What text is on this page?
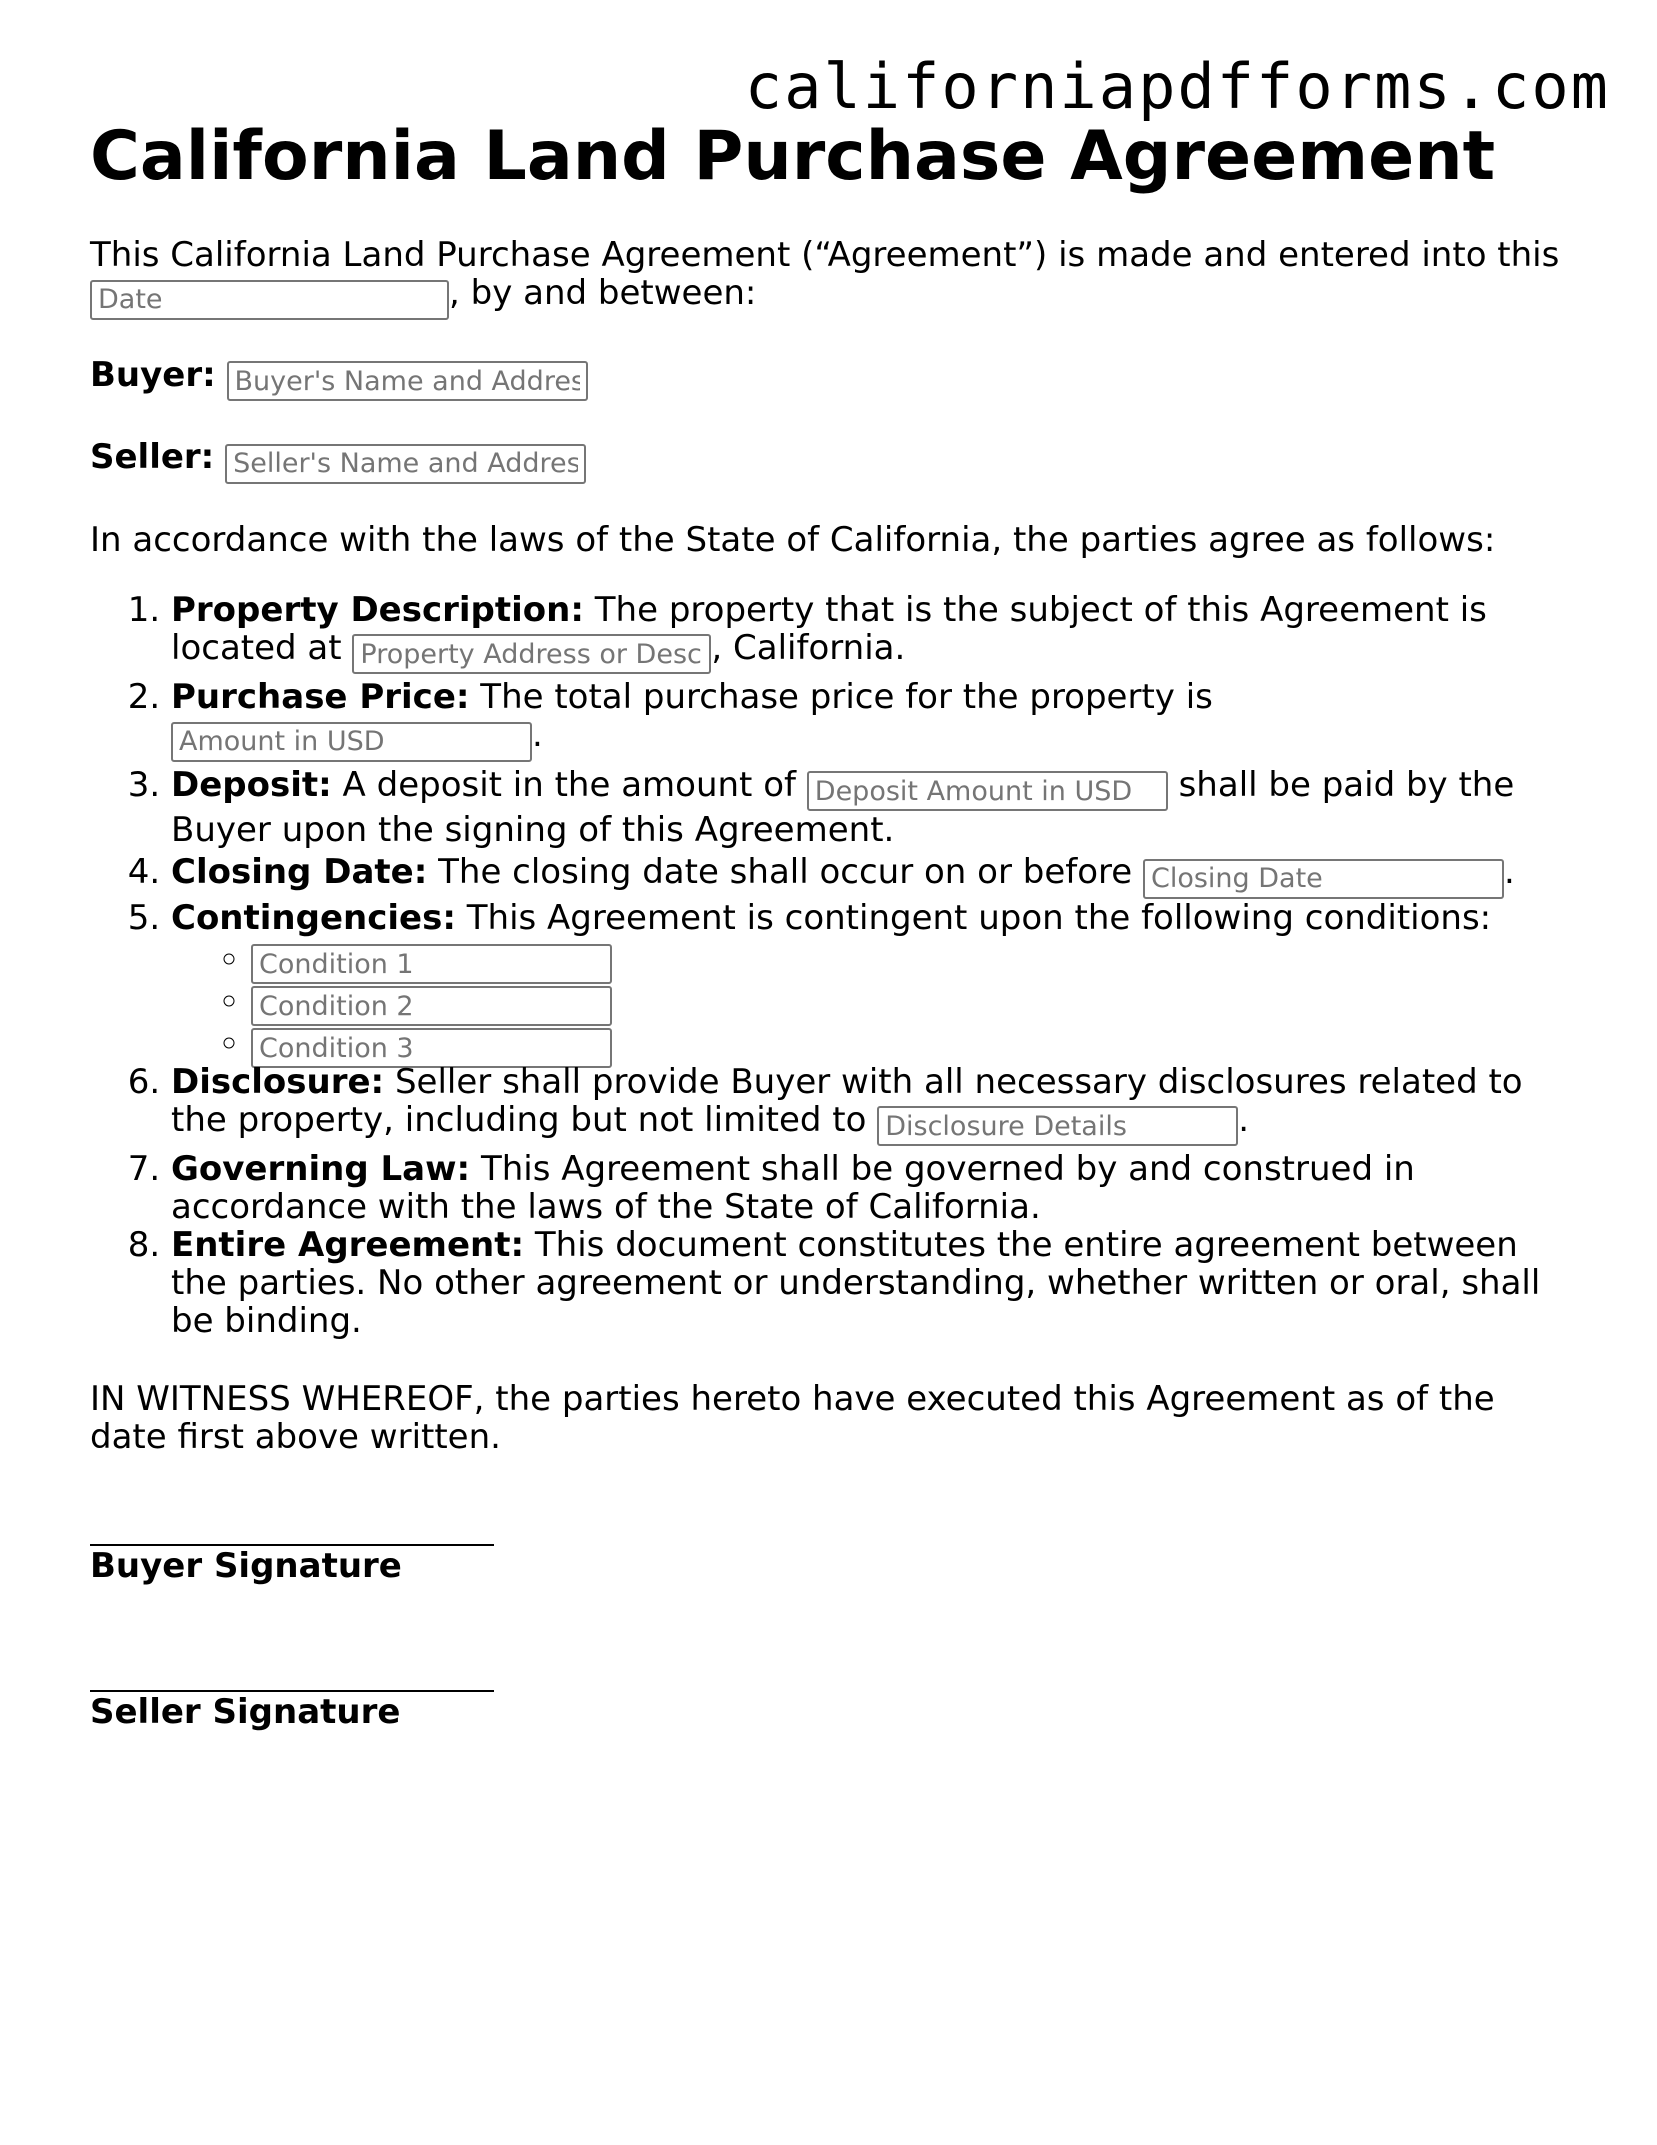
californiapdfforms.com
California Land Purchase Agreement

This California Land Purchase Agreement (“Agreement”) is made and entered into this Date, by and between:

Buyer: Buyer's Name and Address

Seller: Seller's Name and Address

In accordance with the laws of the State of California, the parties agree as follows:

1. Property Description: The property that is the subject of this Agreement is located at Property Address or Description	, California.
2. Purchase Price: The total purchase price for the property is Amount in USD.
3. Deposit: A deposit in the amount of Deposit Amount in USD	shall be paid by the Buyer upon the signing of this Agreement.
4. Closing Date: The closing date shall occur on or before Closing Date	.
5. Contingencies: This Agreement is contingent upon the following conditions:
◦ Condition 1
◦ Condition 2
◦ Condition 3
6. Disclosure: Seller shall provide Buyer with all necessary disclosures related to the property, including but not limited to Disclosure Details	.
7. Governing Law: This Agreement shall be governed by and construed in accordance with the laws of the State of California.
8. Entire Agreement: This document constitutes the entire agreement between the parties. No other agreement or understanding, whether written or oral, shall be binding.

IN WITNESS WHEREOF, the parties hereto have executed this Agreement as of the date first above written.

Buyer Signature
Seller Signature
